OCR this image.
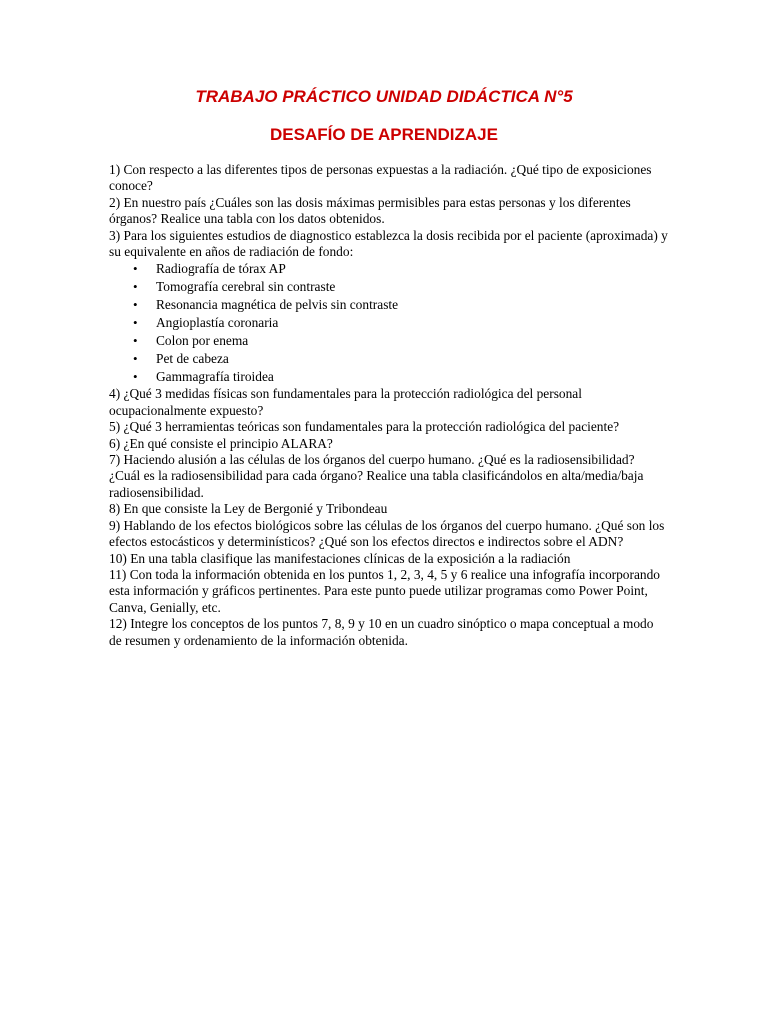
TRABAJO PRÁCTICO UNIDAD DIDÁCTICA N°5
DESAFÍO DE APRENDIZAJE

1) Con respecto a las diferentes tipos de personas expuestas a la radiación. ¿Qué tipo de exposiciones conoce?

2) En nuestro país ¿Cuáles son las dosis máximas permisibles para estas personas y los diferentes órganos? Realice una tabla con los datos obtenidos.

3) Para los siguientes estudios de diagnostico establezca la dosis recibida por el paciente (aproximada) y su equivalente en años de radiación de fondo:

• Radiografía de tórax AP
• Tomografía cerebral sin contraste
• Resonancia magnética de pelvis sin contraste
• Angioplastía coronaria
• Colon por enema
• Pet de cabeza
• Gammagrafía tiroidea

4) ¿Qué 3 medidas físicas son fundamentales para la protección radiológica del personal ocupacionalmente expuesto?

5) ¿Qué 3 herramientas teóricas son fundamentales para la protección radiológica del paciente?

6) ¿En qué consiste el principio ALARA?

7) Haciendo alusión a las células de los órganos del cuerpo humano. ¿Qué es la radiosensibilidad? ¿Cuál es la radiosensibilidad para cada órgano? Realice una tabla clasificándolos en alta/media/baja radiosensibilidad.

8) En que consiste la Ley de Bergonié y Tribondeau

9) Hablando de los efectos biológicos sobre las células de los órganos del cuerpo humano. ¿Qué son los efectos estocásticos y determinísticos? ¿Qué son los efectos directos e indirectos sobre el ADN?

10) En una tabla clasifique las manifestaciones clínicas de la exposición a la radiación

11) Con toda la información obtenida en los puntos 1, 2, 3, 4, 5 y 6 realice una infografía incorporando esta información y gráficos pertinentes. Para este punto puede utilizar programas como Power Point, Canva, Genially, etc.

12) Integre los conceptos de los puntos 7, 8, 9 y 10 en un cuadro sinóptico o mapa conceptual a modo de resumen y ordenamiento de la información obtenida.
